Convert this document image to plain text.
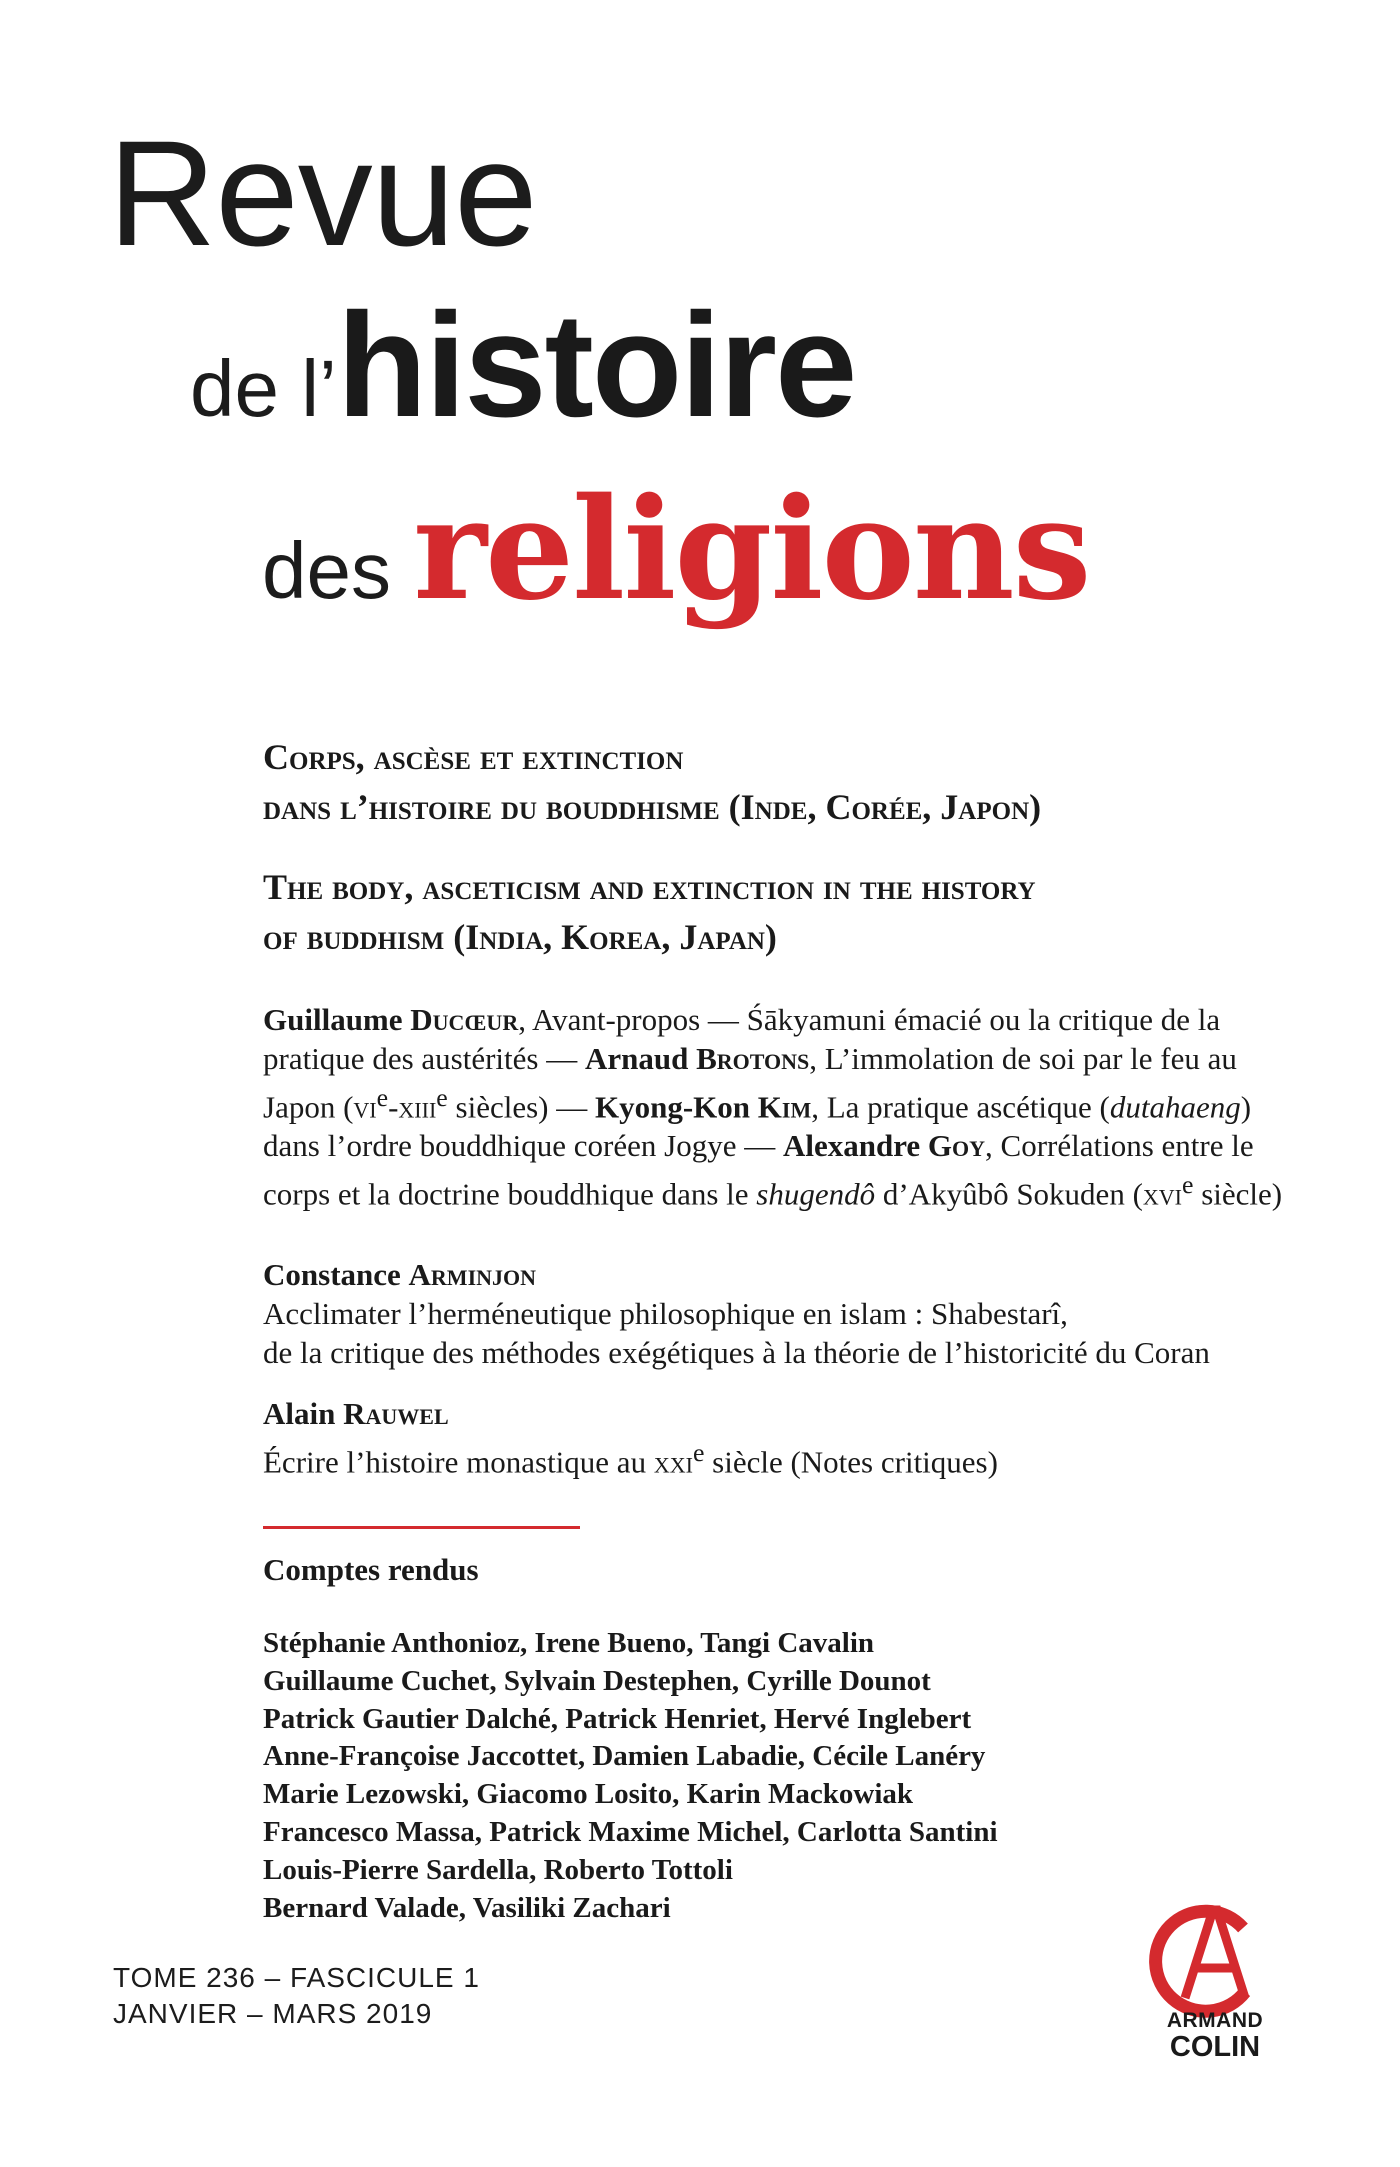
Revue
de l’histoire
des religions
Corps, ascèse et extinction
dans l’histoire du bouddhisme (Inde, Corée, Japon)
The body, asceticism and extinction in the history
of buddhism (India, Korea, Japan)

Guillaume Ducœur, Avant-propos — Śākyamuni émacié ou la critique de la pratique des austérités — Arnaud Brotons, L’immolation de soi par le feu au Japon ($vi^e-xiii^e$ siècles) — Kyong-Kon Kim, La pratique ascétique (dutahaeng) dans l’ordre bouddhique coréen Jogye — Alexandre Goy, Corrélations entre le corps et la doctrine bouddhique dans le shugendô d’Akyûbô Sokuden (xvi$^e$ siècle)

Constance Arminjon

Acclimater l’herméneutique philosophique en islam : Shabestarî,

de la critique des méthodes exégétiques à la théorie de l’historicité du Coran

Alain Rauwel

Écrire l’histoire monastique au xxi$^e$ siècle (Notes critiques)

Comptes rendus
Stéphanie Anthonioz, Irene Bueno, Tangi Cavalin
Guillaume Cuchet, Sylvain Destephen, Cyrille Dounot
Patrick Gautier Dalché, Patrick Henriet, Hervé Inglebert
Anne-Françoise Jaccottet, Damien Labadie, Cécile Lanéry
Marie Lezowski, Giacomo Losito, Karin Mackowiak
Francesco Massa, Patrick Maxime Michel, Carlotta Santini
Louis-Pierre Sardella, Roberto Tottoli
Bernard Valade, Vasiliki Zachari
TOME 236 – FASCICULE 1
JANVIER – MARS 2019	ARMAND
COLIN
